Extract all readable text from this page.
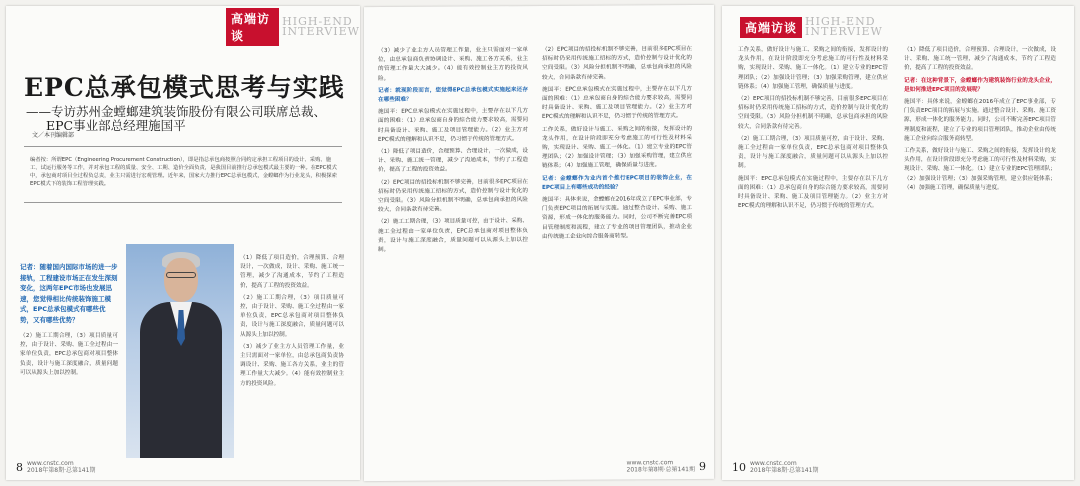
高端访谈
HIGH-END
INTERVIEW
EPC总承包模式思考与实践
——专访苏州金螳螂建筑装饰股份有限公司联席总裁、
EPC事业部总经理施国平
文／本刊编辑部
编者按：所谓EPC（Engineering Procurement Construction），即是指总承包商按照合同约定承担工程项目的设计、采购、施工、试运行服务等工作，并对承包工程的质量、安全、工期、造价全面负责，是我国目前推行总承包模式最主要的一种。在EPC模式中，承包商对项目全过程负总责，业主只需进行宏观管理。近年来，国家大力推行EPC总承包模式，金螳螂作为行业龙头，积极探索EPC模式下的装饰工程管理实践。
记者：随着国内国际市场的进一步接轨，工程建设市场正在发生深刻变化，这两年EPC市场也发展迅速，您觉得相比传统装饰施工模式，EPC总承包模式有哪些优势，又有哪些优势？

（2）施工工期合理，（3）项目质量可控，由于设计、采购、施工全过程由一家单位负责，EPC总承包商对项目整体负责，设计与施工深度融合，质量问题可以从源头上加以控制。

（1）降低了项目造价，合理预算、合理设计，一次做成，设计、采购、施工统一管理，减少了沟通成本，节约了工程造价，提高了工程的投资效益。

（2）施工工期合理，（3）项目质量可控，由于设计、采购、施工全过程由一家单位负责，EPC总承包商对项目整体负责，设计与施工深度融合，质量问题可以从源头上加以控制。

（3）减少了业主方人员管理工作量，业主只需面对一家单位，由总承包商负责协调设计、采购、施工各方关系，业主的管理工作量大大减少。（4）能有效控制业主方的投资风险。

8 www.cnstc.com
2018年第8期·总第141期

（3）减少了业主方人员管理工作量，业主只需面对一家单位，由总承包商负责协调设计、采购、施工各方关系，业主的管理工作量大大减少。（4）能有效控制业主方的投资风险。

记者：就现阶段而言，您觉得EPC总承包模式实施起来还存在哪些困难？

施国平：EPC总承包模式在实施过程中，主要存在以下几方面的困难：（1）总承包商自身的综合能力要求较高，需要同时具备设计、采购、施工及项目管理能力。（2）业主方对EPC模式的理解和认识不足，仍习惯于传统的管理方式。

（1）降低了项目造价，合理预算、合理设计，一次做成，设计、采购、施工统一管理，减少了沟通成本，节约了工程造价，提高了工程的投资效益。

（2）EPC项目的招投标机制不够完善，目前很多EPC项目在招标时仍采用传统施工招标的方式，造价控制与设计优化的空间受限。（3）风险分担机制不明确，总承包商承担的风险较大，合同条款有待完善。

（2）施工工期合理，（3）项目质量可控，由于设计、采购、施工全过程由一家单位负责，EPC总承包商对项目整体负责，设计与施工深度融合，质量问题可以从源头上加以控制。

（2）EPC项目的招投标机制不够完善，目前很多EPC项目在招标时仍采用传统施工招标的方式，造价控制与设计优化的空间受限。（3）风险分担机制不明确，总承包商承担的风险较大，合同条款有待完善。

施国平：EPC总承包模式在实施过程中，主要存在以下几方面的困难：（1）总承包商自身的综合能力要求较高，需要同时具备设计、采购、施工及项目管理能力。（2）业主方对EPC模式的理解和认识不足，仍习惯于传统的管理方式。

工作关系，做好设计与施工、采购之间的衔接，发挥设计的龙头作用，在设计阶段即充分考虑施工的可行性及材料采购，实现设计、采购、施工一体化。（1）建立专业的EPC管理团队；（2）加强设计管理；（3）加强采购管理，建立供应链体系；（4）加强施工管理，确保质量与进度。

记者：金螳螂作为业内首个推行EPC项目的装饰企业，在EPC项目上有哪些成功的经验？

施国平：具体来说，金螳螂在2016年成立了EPC事业部，专门负责EPC项目的拓展与实施。通过整合设计、采购、施工资源，形成一体化的服务能力。同时，公司不断完善EPC项目管理制度和流程，建立了专业的项目管理团队，推动企业由传统施工企业向综合服务商转型。

www.cnstc.com
2018年第8期·总第141期 9
高端访谈 HIGH-END
INTERVIEW

工作关系，做好设计与施工、采购之间的衔接，发挥设计的龙头作用，在设计阶段即充分考虑施工的可行性及材料采购，实现设计、采购、施工一体化。（1）建立专业的EPC管理团队；（2）加强设计管理；（3）加强采购管理，建立供应链体系；（4）加强施工管理，确保质量与进度。

（2）EPC项目的招投标机制不够完善，目前很多EPC项目在招标时仍采用传统施工招标的方式，造价控制与设计优化的空间受限。（3）风险分担机制不明确，总承包商承担的风险较大，合同条款有待完善。

（2）施工工期合理，（3）项目质量可控，由于设计、采购、施工全过程由一家单位负责，EPC总承包商对项目整体负责，设计与施工深度融合，质量问题可以从源头上加以控制。

施国平：EPC总承包模式在实施过程中，主要存在以下几方面的困难：（1）总承包商自身的综合能力要求较高，需要同时具备设计、采购、施工及项目管理能力。（2）业主方对EPC模式的理解和认识不足，仍习惯于传统的管理方式。

（1）降低了项目造价，合理预算、合理设计，一次做成，设计、采购、施工统一管理，减少了沟通成本，节约了工程造价，提高了工程的投资效益。

记者：在这种背景下，金螳螂作为建筑装饰行业的龙头企业，是如何推进EPC项目的发展呢？

施国平：具体来说，金螳螂在2016年成立了EPC事业部，专门负责EPC项目的拓展与实施。通过整合设计、采购、施工资源，形成一体化的服务能力。同时，公司不断完善EPC项目管理制度和流程，建立了专业的项目管理团队，推动企业由传统施工企业向综合服务商转型。

工作关系，做好设计与施工、采购之间的衔接，发挥设计的龙头作用，在设计阶段即充分考虑施工的可行性及材料采购，实现设计、采购、施工一体化。（1）建立专业的EPC管理团队；（2）加强设计管理；（3）加强采购管理，建立供应链体系；（4）加强施工管理，确保质量与进度。

10 www.cnstc.com
2018年第8期·总第141期
